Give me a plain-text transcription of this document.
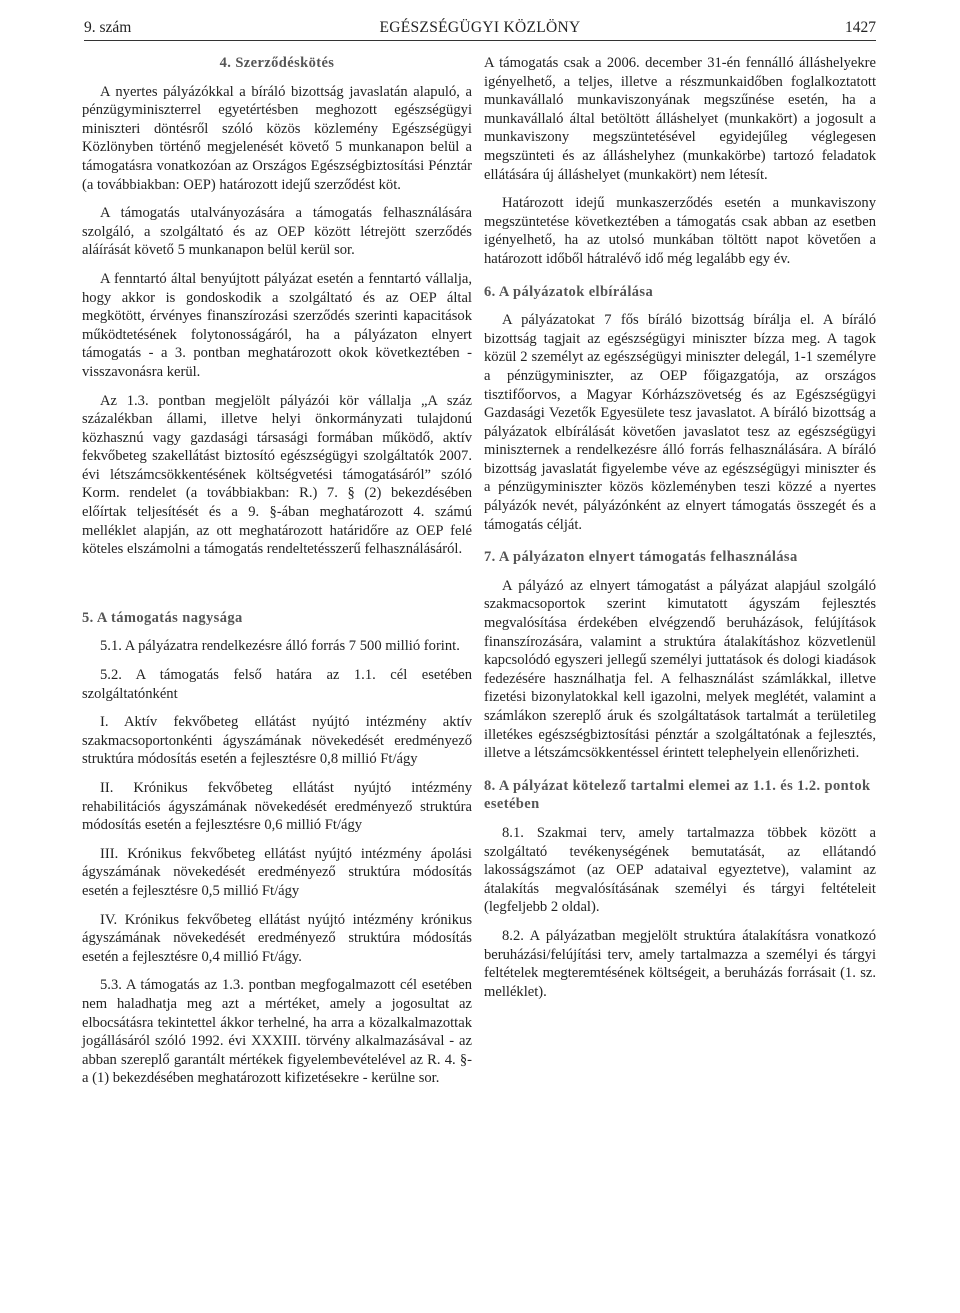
9. szám	EGÉSZSÉGÜGYI KÖZLÖNY	1427
4. Szerződéskötés

A nyertes pályázókkal a bíráló bizottság javaslatán alapuló, a pénzügyminiszterrel egyetértésben meghozott egészségügyi miniszteri döntésről szóló közös közlemény Egészségügyi Közlönyben történő megjelenését követő 5 munkanapon belül a támogatásra vonatkozóan az Országos Egészségbiztosítási Pénztár (a továbbiakban: OEP) határozott idejű szerződést köt.

A támogatás utalványozására a támogatás felhasználására szolgáló, a szolgáltató és az OEP között létrejött szerződés aláírását követő 5 munkanapon belül kerül sor.

A fenntartó által benyújtott pályázat esetén a fenntartó vállalja, hogy akkor is gondoskodik a szolgáltató és az OEP által megkötött, érvényes finanszírozási szerződés szerinti kapacitások működtetésének folytonosságáról, ha a pályázaton elnyert támogatás - a 3. pontban meghatározott okok következtében - visszavonásra kerül.

Az 1.3. pontban megjelölt pályázói kör vállalja „A száz százalékban állami, illetve helyi önkormányzati tulajdonú közhasznú vagy gazdasági társasági formában működő, aktív fekvőbeteg szakellátást biztosító egészségügyi szolgáltatók 2007. évi létszámcsökkentésének költségvetési támogatásáról” szóló Korm. rendelet (a továbbiakban: R.) 7. § (2) bekezdésében előírtak teljesítését és a 9. §-ában meghatározott 4. számú melléklet alapján, az ott meghatározott határidőre az OEP felé köteles elszámolni a támogatás rendeltetésszerű felhasználásáról.

5. A támogatás nagysága

5.1. A pályázatra rendelkezésre álló forrás 7 500 millió forint.

5.2. A támogatás felső határa az 1.1. cél esetében szolgáltatónként

I. Aktív fekvőbeteg ellátást nyújtó intézmény aktív szakmacsoportonkénti ágyszámának növekedését eredményező struktúra módosítás esetén a fejlesztésre 0,8 millió Ft/ágy

II. Krónikus fekvőbeteg ellátást nyújtó intézmény rehabilitációs ágyszámának növekedését eredményező struktúra módosítás esetén a fejlesztésre 0,6 millió Ft/ágy

III. Krónikus fekvőbeteg ellátást nyújtó intézmény ápolási ágyszámának növekedését eredményező struktúra módosítás esetén a fejlesztésre 0,5 millió Ft/ágy

IV. Krónikus fekvőbeteg ellátást nyújtó intézmény krónikus ágyszámának növekedését eredményező struktúra módosítás esetén a fejlesztésre 0,4 millió Ft/ágy.

5.3. A támogatás az 1.3. pontban megfogalmazott cél esetében nem haladhatja meg azt a mértéket, amely a jogosultat az elbocsátásra tekintettel ákkor terhelné, ha arra a közalkalmazottak jogállásáról szóló 1992. évi XXXIII. törvény alkalmazásával - az abban szereplő garantált mértékek figyelembevételével az R. 4. §-a (1) bekezdésében meghatározott kifizetésekre - kerülne sor.

A támogatás csak a 2006. december 31-én fennálló álláshelyekre igényelhető, a teljes, illetve a részmunkaidőben foglalkoztatott munkavállaló munkaviszonyának megszűnése esetén, ha a munkavállaló által betöltött álláshelyet (munkakört) a jogosult a munkaviszony megszüntetésével egyidejűleg véglegesen megszünteti és az álláshelyhez (munkakörbe) tartozó feladatok ellátására új álláshelyet (munkakört) nem létesít.

Határozott idejű munkaszerződés esetén a munkaviszony megszüntetése következtében a támogatás csak abban az esetben igényelhető, ha az utolsó munkában töltött napot követően a határozott időből hátralévő idő még legalább egy év.

6. A pályázatok elbírálása

A pályázatokat 7 fős bíráló bizottság bírálja el. A bíráló bizottság tagjait az egészségügyi miniszter bízza meg. A tagok közül 2 személyt az egészségügyi miniszter delegál, 1-1 személyre a pénzügyminiszter, az OEP főigazgatója, az országos tisztifőorvos, a Magyar Kórházszövetség és az Egészségügyi Gazdasági Vezetők Egyesülete tesz javaslatot. A bíráló bizottság a pályázatok elbírálását követően javaslatot tesz az egészségügyi miniszternek a rendelkezésre álló forrás felhasználására. A bíráló bizottság javaslatát figyelembe véve az egészségügyi miniszter és a pénzügyminiszter közös közleményben teszi közzé a nyertes pályázók nevét, pályázónként az elnyert támogatás összegét és a támogatás célját.

7. A pályázaton elnyert támogatás felhasználása

A pályázó az elnyert támogatást a pályázat alapjául szolgáló szakmacsoportok szerint kimutatott ágyszám fejlesztés megvalósítása érdekében elvégzendő beruházások, felújítások finanszírozására, valamint a struktúra átalakításhoz közvetlenül kapcsolódó egyszeri jellegű személyi juttatások és dologi kiadások fedezésére használhatja fel. A felhasználást számlákkal, illetve fizetési bizonylatokkal kell igazolni, melyek meglétét, valamint a számlákon szereplő áruk és szolgáltatások tartalmát a területileg illetékes egészségbiztosítási pénztár a szolgáltatónak a fejlesztés, illetve a létszámcsökkentéssel érintett telephelyein ellenőrizheti.

8. A pályázat kötelező tartalmi elemei az 1.1. és 1.2. pontok esetében

8.1. Szakmai terv, amely tartalmazza többek között a szolgáltató tevékenységének bemutatását, az ellátandó lakosságszámot (az OEP adataival egyeztetve), valamint az átalakítás megvalósításának személyi és tárgyi feltételeit (legfeljebb 2 oldal).

8.2. A pályázatban megjelölt struktúra átalakításra vonatkozó beruházási/felújítási terv, amely tartalmazza a személyi és tárgyi feltételek megteremtésének költségeit, a beruházás forrásait (1. sz. melléklet).
